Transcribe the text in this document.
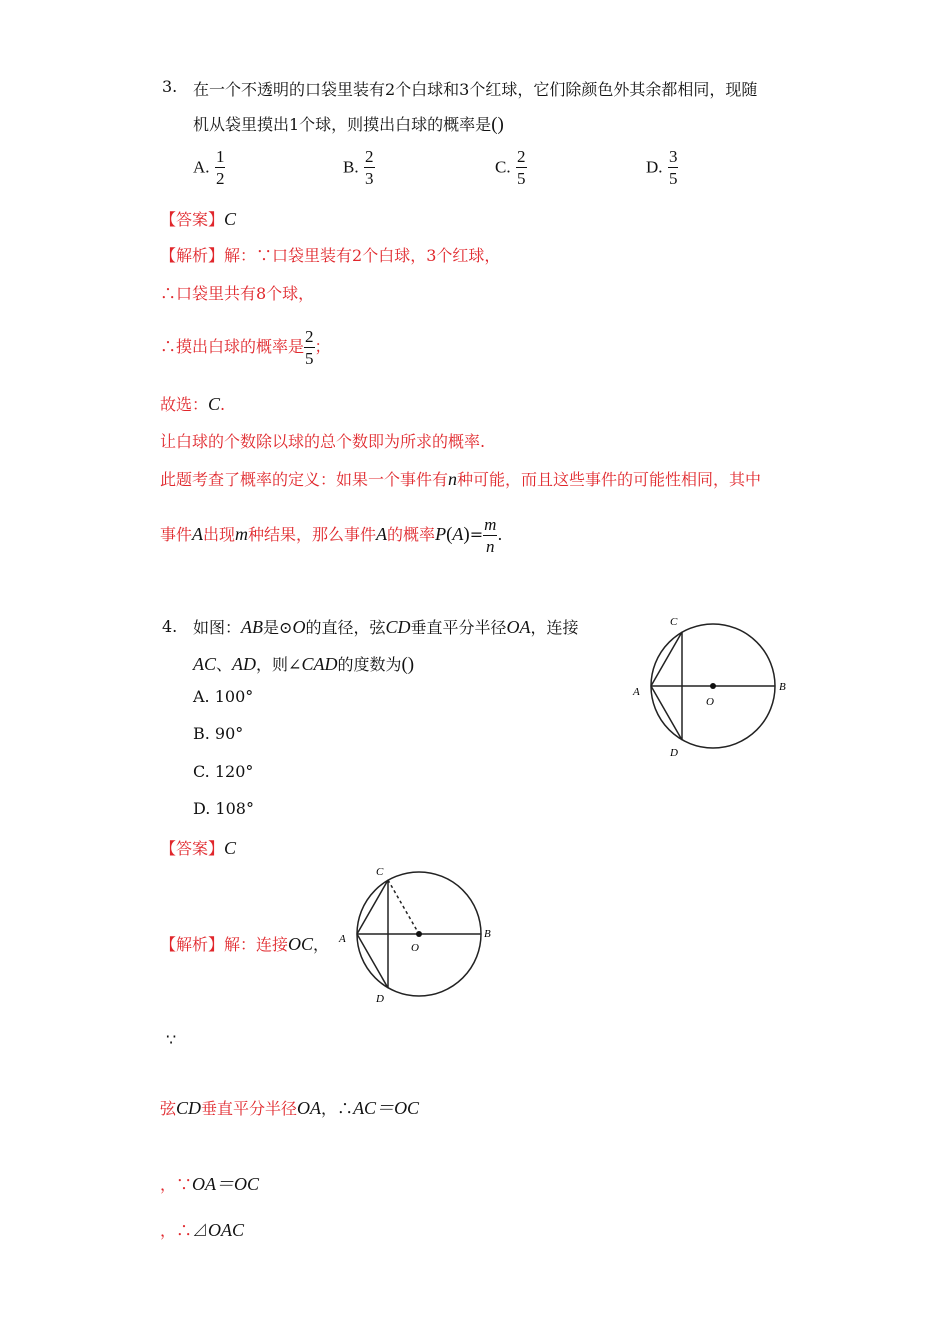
3. 在一个不透明的口袋里装有2个白球和3个红球，它们除颜色外其余都相同，现随
机从袋里摸出1个球，则摸出白球的概率是()
A. $\frac{1}{2}$	B. $\frac{2}{3}$	C. $\frac{2}{5}$	D. $\frac{3}{5}$
【答案】C
【解析】解：∵口袋里装有2个白球，3个红球，
∴口袋里共有8个球，
∴摸出白球的概率是 $\frac{2}{5}$ ；
故选：C.
让白球的个数除以球的总个数即为所求的概率.
此题考查了概率的定义：如果一个事件有n种可能，而且这些事件的可能性相同，其中
事件A出现m种结果，那么事件A的概率$P(A)= \frac{m}{n}$ .
4. 如图：AB是⊙O的直径，弦CD垂直平分半径OA，连接
AC、AD，则∠CAD的度数为()
A. 100°
B. 90°
C. 120°
D. 108°
C
A
O
B
D
【答案】C
【解析】解：连接OC，
C
A
O
B
D
∵
弦CD垂直平分半径OA，∴AC＝OC
，∵OA＝OC
，∴⊿OAC
